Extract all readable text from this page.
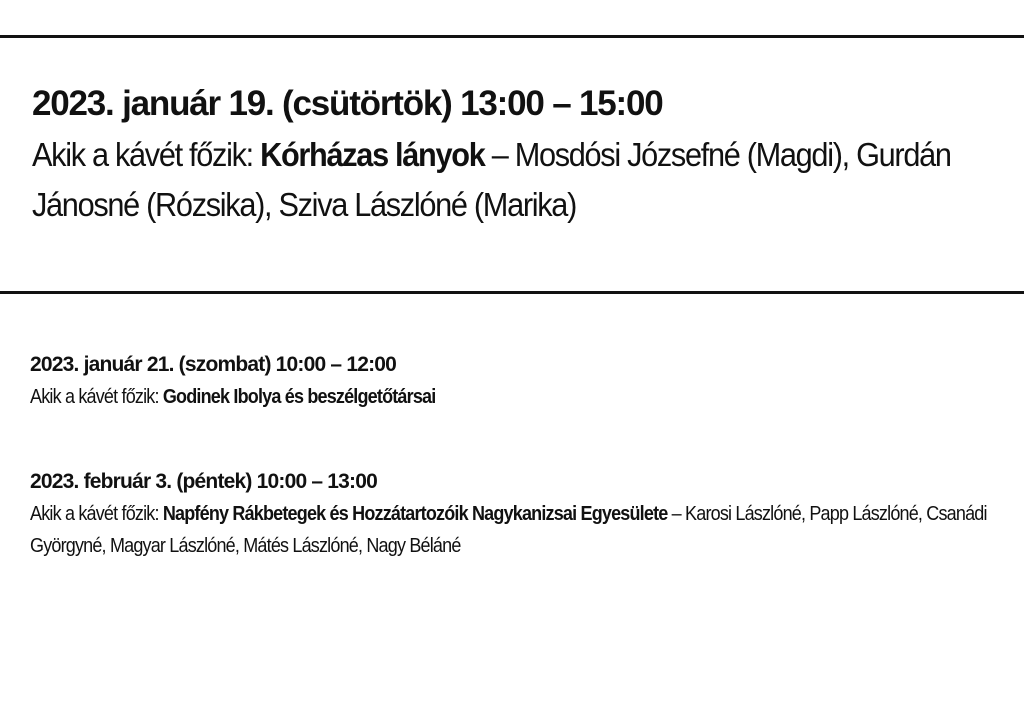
2023. január 19. (csütörtök) 13:00 – 15:00
Akik a kávét főzik: Kórházas lányok – Mosdósi Józsefné (Magdi), Gurdán Jánosné (Rózsika), Sziva Lászlóné (Marika)
2023. január 21. (szombat) 10:00 – 12:00
Akik a kávét főzik: Godinek Ibolya és beszélgetőtársai
2023. február 3. (péntek) 10:00 – 13:00
Akik a kávét főzik: Napfény Rákbetegek és Hozzátartozóik Nagykanizsai Egyesülete – Karosi Lászlóné, Papp Lászlóné, Csanádi Györgyné, Magyar Lászlóné, Mátés Lászlóné, Nagy Béláné
